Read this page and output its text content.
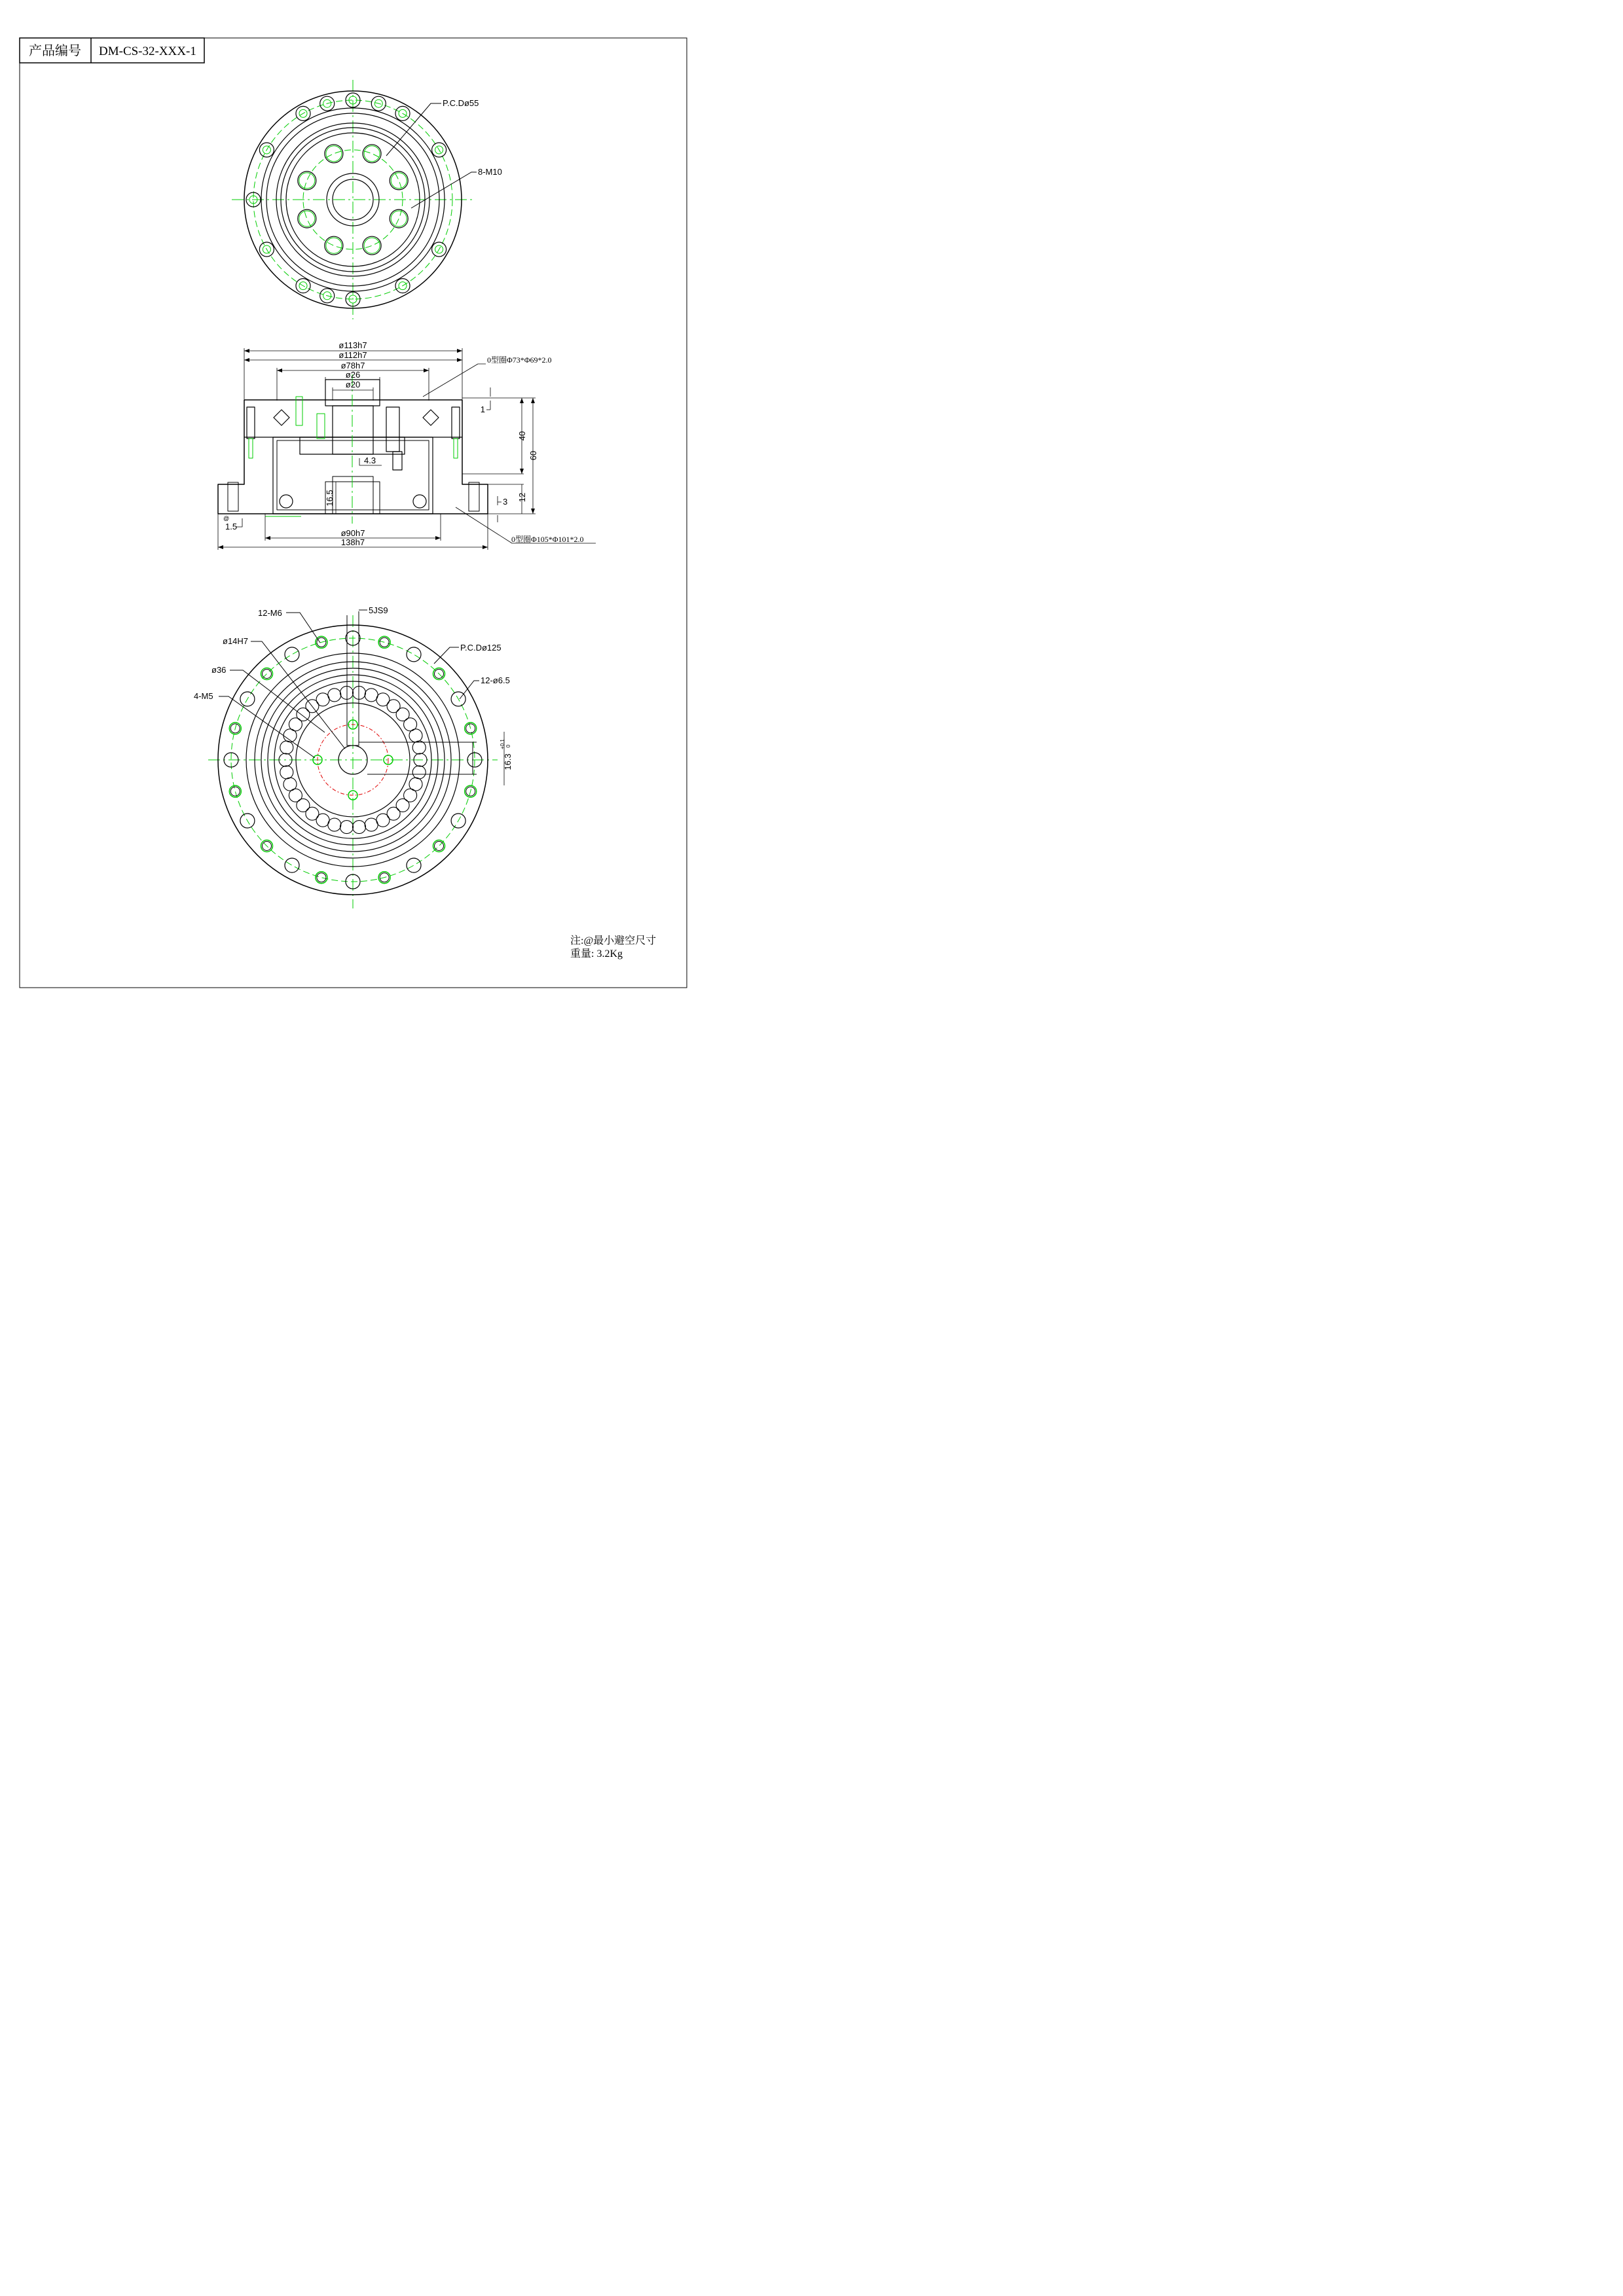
产品编号 DM-CS-32-XXX-1
P.C.Dø55
8-M10
ø113h7
ø112h7
ø78h7
ø26
ø20
ø90h7
138h7
1
40
60
12
3
4.3
16.5
1.5
@
0型圈Φ73*Φ69*2.0
0型圈Φ105*Φ101*2.0
16.3
+0.1 0
12-M6	5JS9
ø14H7
P.C.Dø125
ø36
12-ø6.5
4-M5
注:@最小避空尺寸
重量: 3.2Kg
